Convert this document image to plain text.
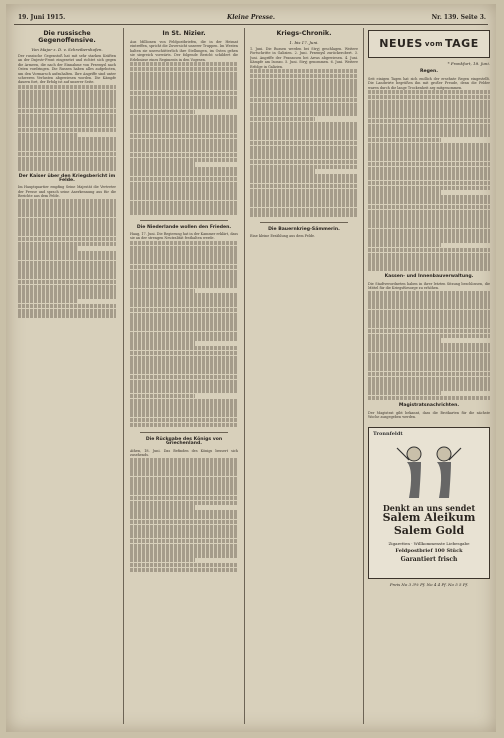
19. Juni 1915.	Kleine Presse.	Nr. 139. Seite 3.
Die russische Gegenoffensive.
Von Major z. D. v. Schreibershofen.
Der russische Gegenstoß hat mit sehr starken Kräften an der Dnjestr-Front eingesetzt und richtet sich gegen die Armeen, die nach der Einnahme von Przemysl nach Osten vordringen. Die Russen haben alles aufgeboten, um den Vormarsch aufzuhalten. Ihre Angriffe sind unter schweren Verlusten abgewiesen worden. Die Kämpfe dauern fort, der Erfolg ist auf unserer Seite.
Der Kaiser über den Kriegsbericht im Felde.
Im Hauptquartier empfing Seine Majestät die Vertreter der Presse und sprach seine Anerkennung aus für die Berichte aus dem Felde.
In St. Nizier.
Aus Millionen von Feldpostbriefen, die in der Heimat eintreffen, spricht die Zuversicht unserer Truppen. Im Westen halten sie unerschütterlich ihre Stellungen, im Osten gehen sie siegreich vorwärts. Der folgende Bericht schildert die Erlebnisse eines Regiments in den Vogesen.
Die Niederlande wollen den Frieden.
Haag, 17. Juni. Die Regierung hat in der Kammer erklärt, dass sie an der strengen Neutralität festhalten werde.
Die Rückgabe des Königs von Griechenland.
Athen, 18. Juni. Das Befinden des Königs bessert sich zusehends.
Kriegs-Chronik.
1. bis 17. Juni.
1. Juni. Die Russen werden bei Stryj geschlagen. Weitere Fortschritte in Galizien. 2. Juni. Przemysl zurückerobert. 3. Juni. Angriffe der Franzosen bei Arras abgewiesen. 4. Juni. Kämpfe am Isonzo. 5. Juni. Stryj genommen. 6. Juni. Weitere Erfolge in Galizien.
Die Bauernkrieg-Sämmerin.
Eine kleine Erzählung aus dem Felde.
NEUES vom TAGE
* Frankfurt, 18. Juni.
Regen.
Seit einigen Tagen hat sich endlich der ersehnte Regen eingestellt. Die Landwirte begrüßen ihn mit großer Freude, denn die Felder waren durch die lange Trockenheit arg mitgenommen.
Kassen- und Innenbauverwaltung.
Die Stadtverordneten haben in ihrer letzten Sitzung beschlossen, die Mittel für die Kriegsfürsorge zu erhöhen.
Magistratsnachrichten.
Der Magistrat gibt bekannt, dass die Brotkarten für die nächste Woche ausgegeben werden.
Tronnfeldt
Denkt an uns sendet
Salem Aleikum
Salem Gold
Zigaretten · Willkommenste Liebesgabe
Feldpostbrief 100 Stück
Garantiert frisch
Preis No 3 3½ Pf. No 4 4 Pf. No 5 5 Pf.
